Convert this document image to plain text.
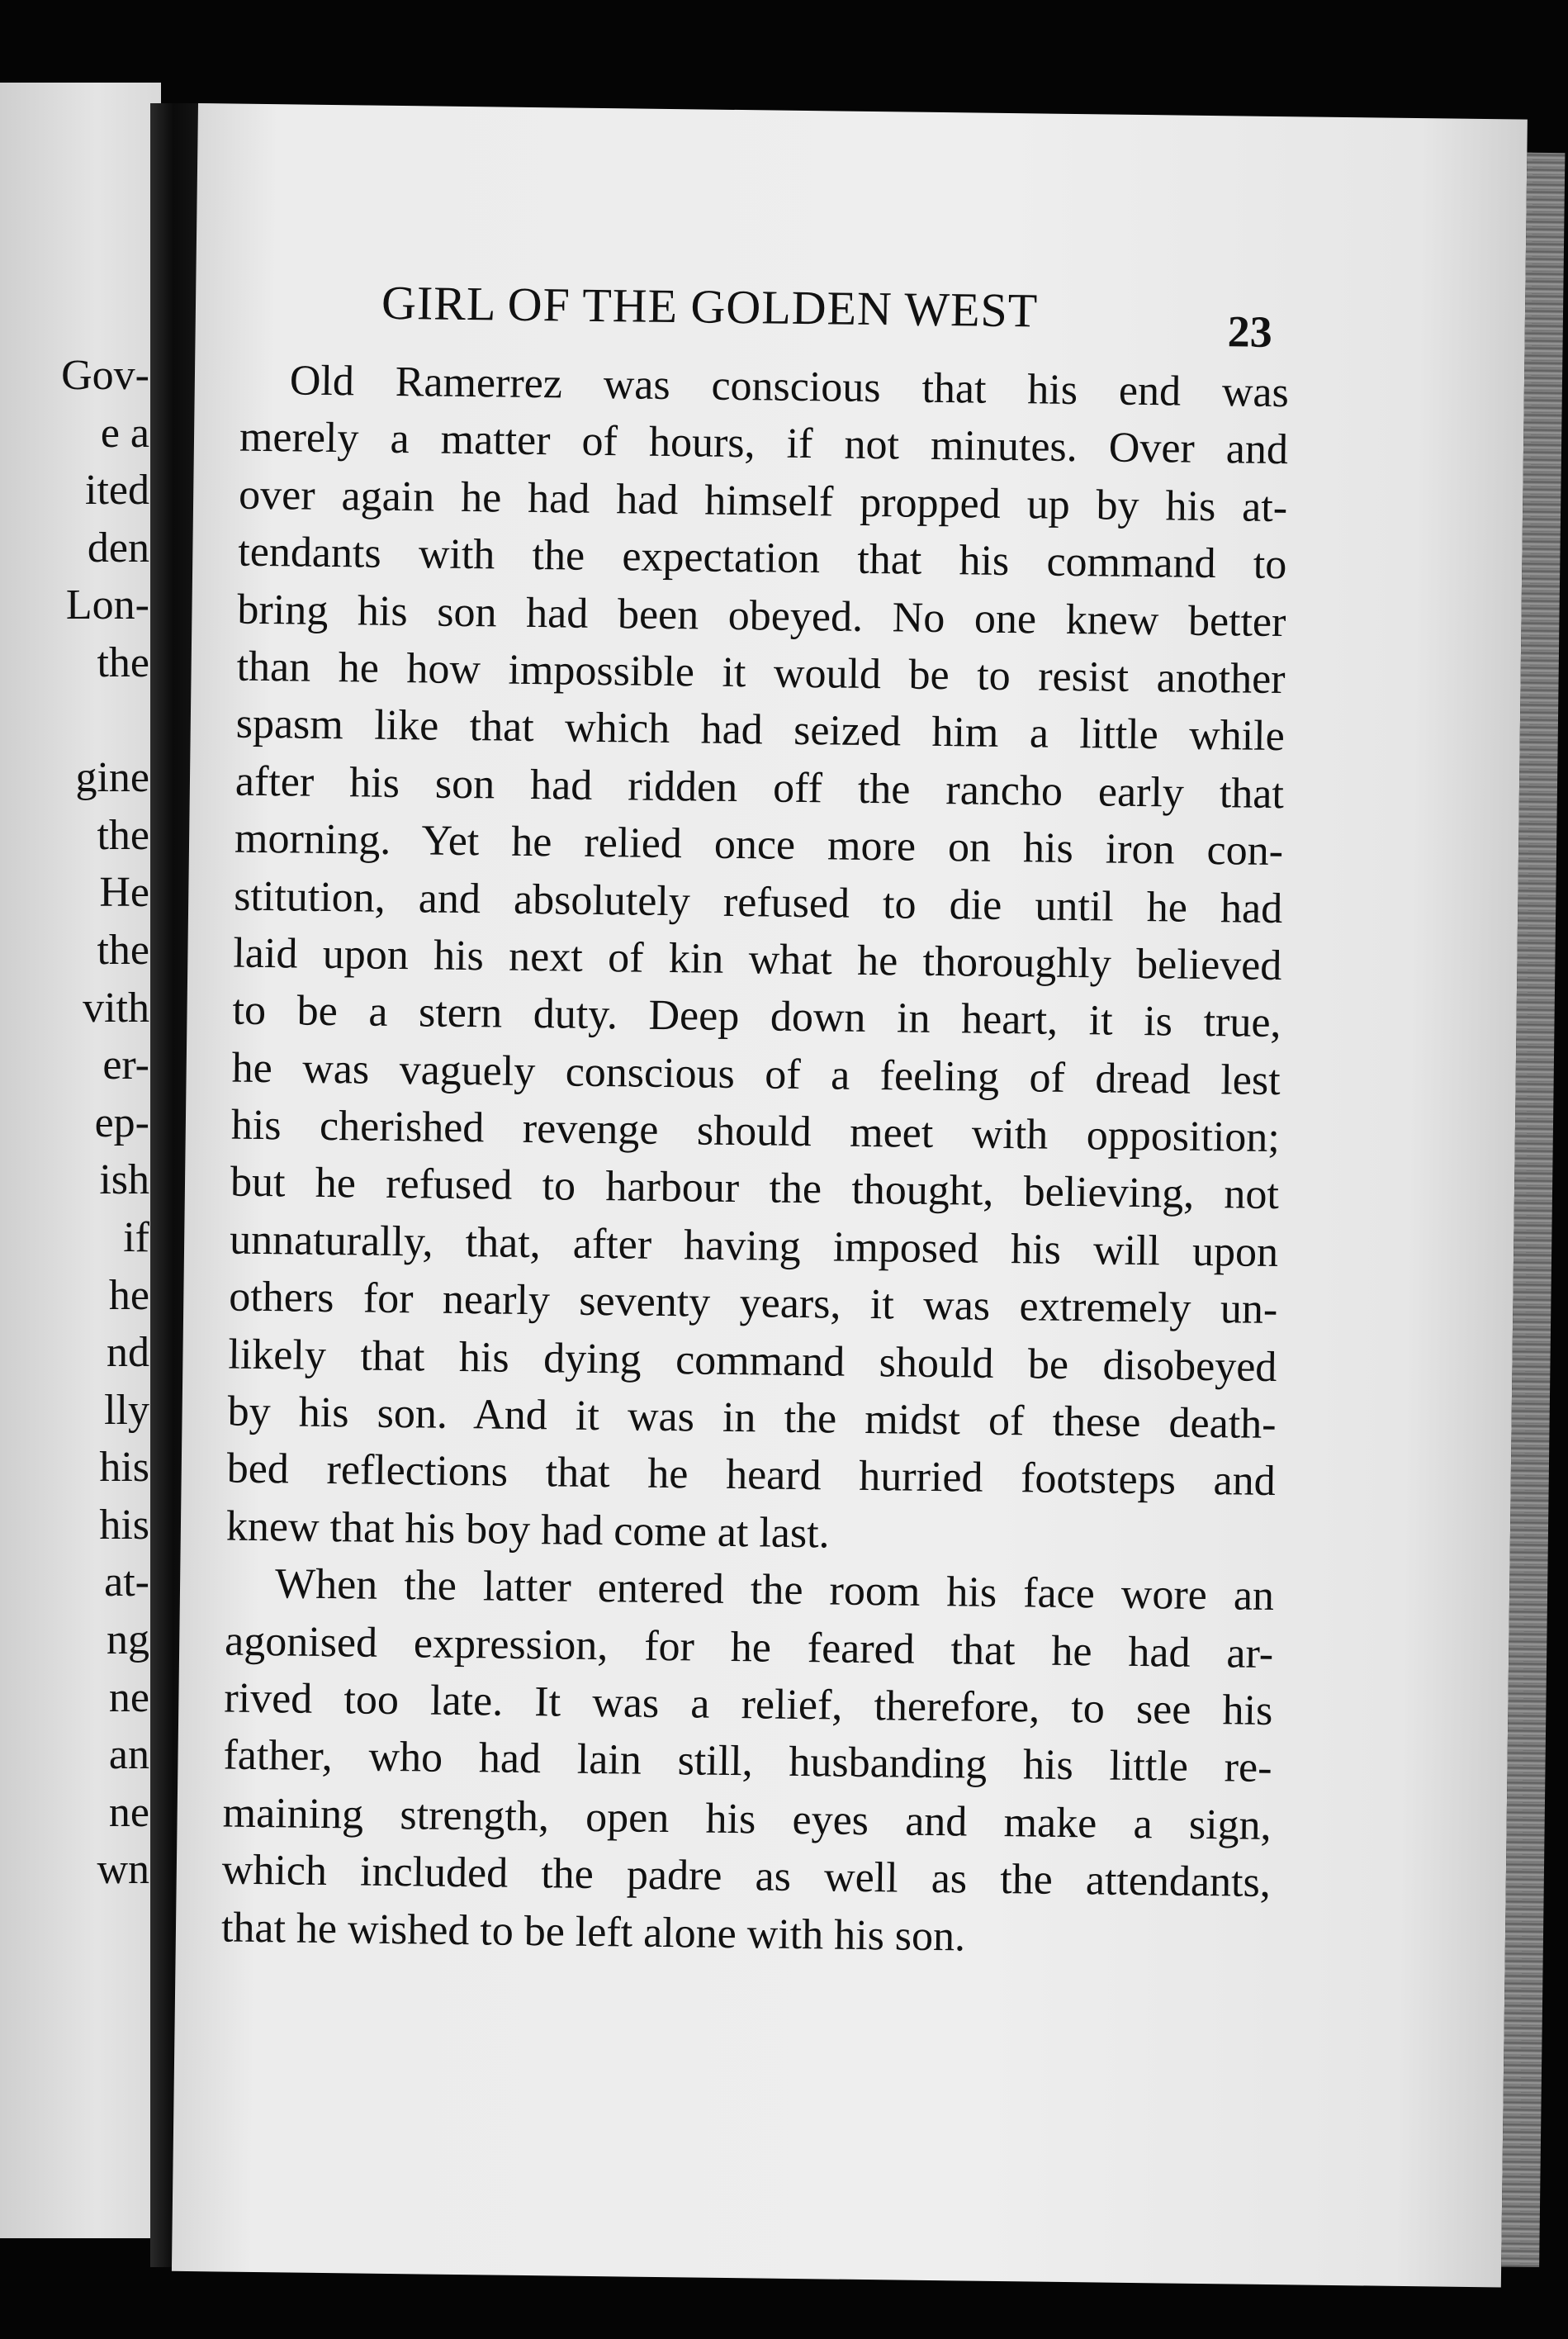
Gov-
e a
ited
den
Lon-
the

gine
the
He
the
vith
er-
ep-
ish
if
he
nd
lly
his
his
at-
ng
ne
an
ne
wn
GIRL OF THE GOLDEN WEST	23
Old Ramerrez was conscious that his end was
merely a matter of hours, if not minutes. Over and
over again he had had himself propped up by his at-
tendants with the expectation that his command to
bring his son had been obeyed. No one knew better
than he how impossible it would be to resist another
spasm like that which had seized him a little while
after his son had ridden off the rancho early that
morning. Yet he relied once more on his iron con-
stitution, and absolutely refused to die until he had
laid upon his next of kin what he thoroughly believed
to be a stern duty. Deep down in heart, it is true,
he was vaguely conscious of a feeling of dread lest
his cherished revenge should meet with opposition;
but he refused to harbour the thought, believing, not
unnaturally, that, after having imposed his will upon
others for nearly seventy years, it was extremely un-
likely that his dying command should be disobeyed
by his son. And it was in the midst of these death-
bed reflections that he heard hurried footsteps and
knew that his boy had come at last.
When the latter entered the room his face wore an
agonised expression, for he feared that he had ar-
rived too late. It was a relief, therefore, to see his
father, who had lain still, husbanding his little re-
maining strength, open his eyes and make a sign,
which included the padre as well as the attendants,
that he wished to be left alone with his son.
